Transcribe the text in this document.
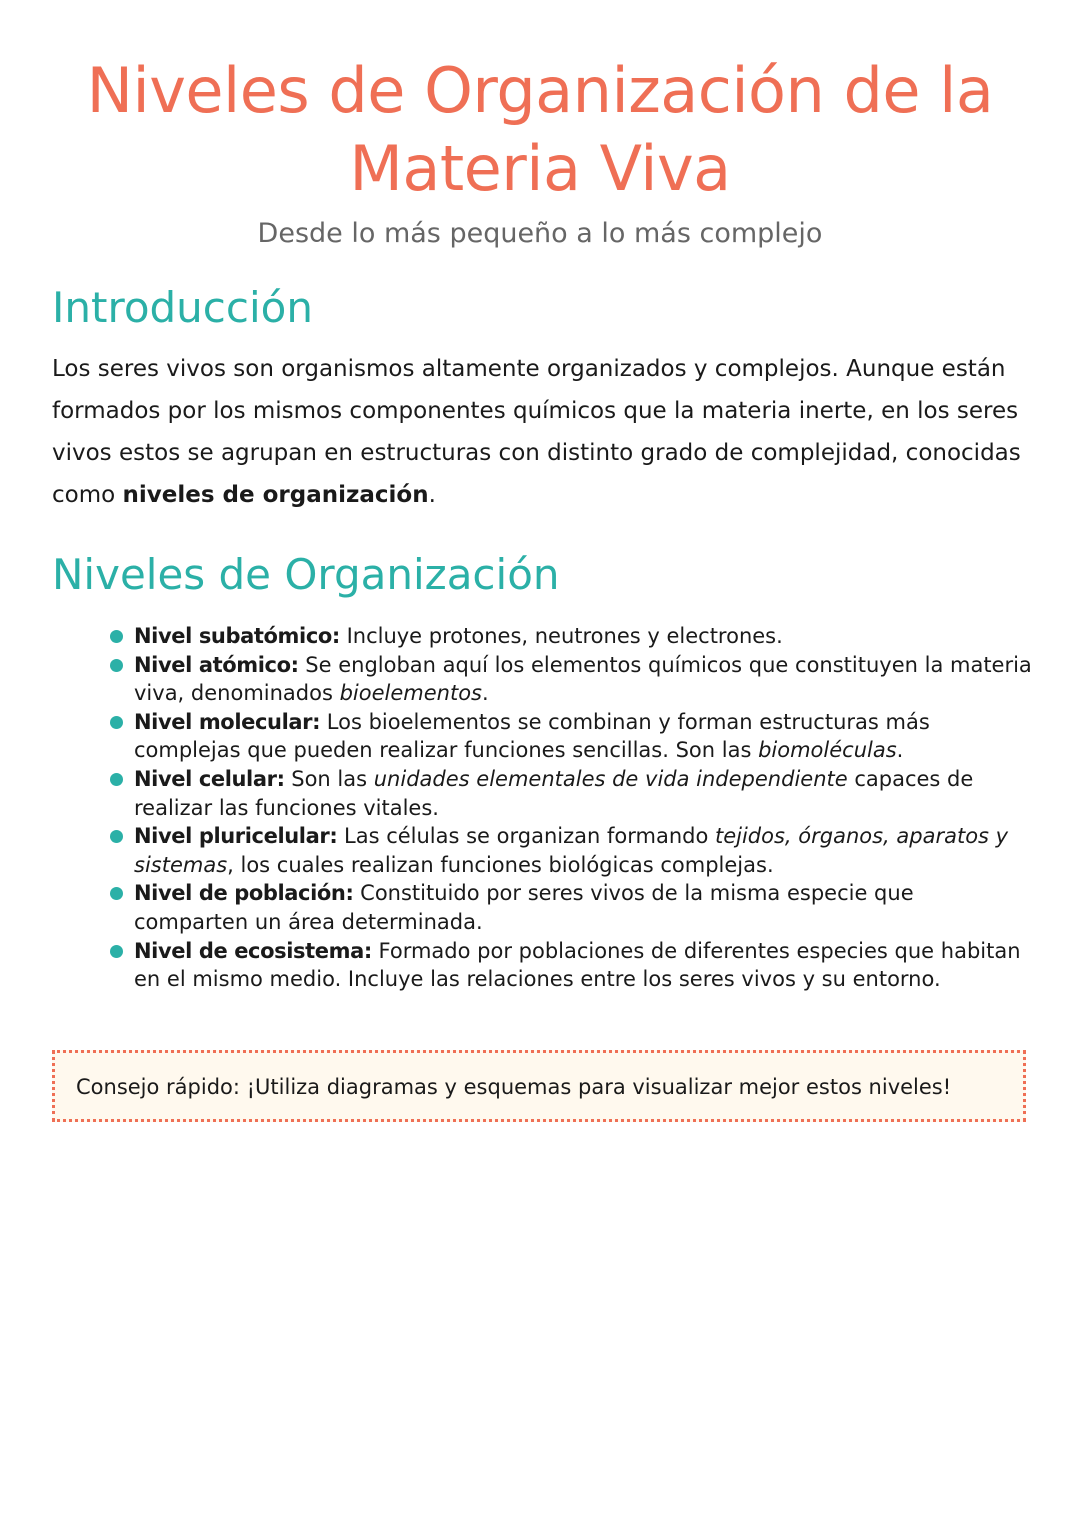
Niveles de Organización de la
Materia Viva

Desde lo más pequeño a lo más complejo

Introducción

Los seres vivos son organismos altamente organizados y complejos. Aunque están formados por los mismos componentes químicos que la materia inerte, en los seres vivos estos se agrupan en estructuras con distinto grado de complejidad, conocidas como niveles de organización.

Niveles de Organización
Nivel subatómico: Incluye protones, neutrones y electrones.
Nivel atómico: Se engloban aquí los elementos químicos que constituyen la materia viva, denominados bioelementos.
Nivel molecular: Los bioelementos se combinan y forman estructuras más complejas que pueden realizar funciones sencillas. Son las biomoléculas.
Nivel celular: Son las unidades elementales de vida independiente capaces de realizar las funciones vitales.
Nivel pluricelular: Las células se organizan formando tejidos, órganos, aparatos y sistemas, los cuales realizan funciones biológicas complejas.
Nivel de población: Constituido por seres vivos de la misma especie que comparten un área determinada.
Nivel de ecosistema: Formado por poblaciones de diferentes especies que habitan en el mismo medio. Incluye las relaciones entre los seres vivos y su entorno.

Consejo rápido: ¡Utiliza diagramas y esquemas para visualizar mejor estos niveles!
